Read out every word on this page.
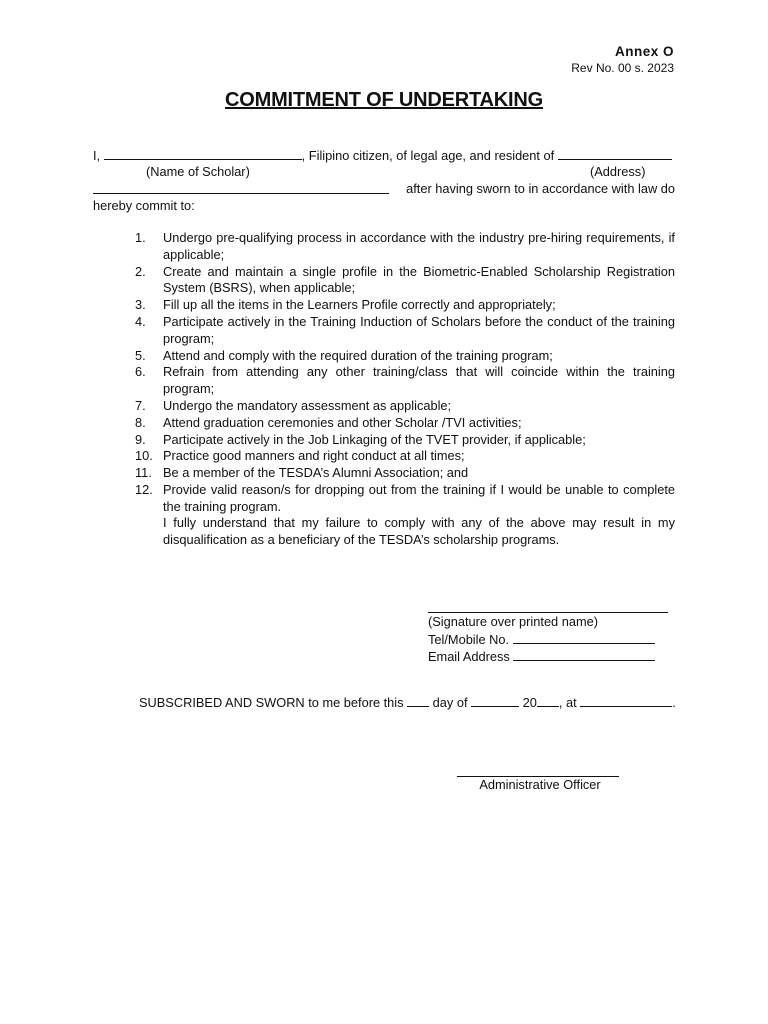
Annex O
Rev No. 00 s. 2023
COMMITMENT OF UNDERTAKING
I,	, Filipino citizen, of legal age, and resident of
(Name of Scholar)	(Address)
after having sworn to in accordance with law do
hereby commit to:
1. Undergo pre-qualifying process in accordance with the industry pre-hiring requirements, if applicable;
2. Create and maintain a single profile in the Biometric-Enabled Scholarship Registration System (BSRS), when applicable;
3. Fill up all the items in the Learners Profile correctly and appropriately;
4. Participate actively in the Training Induction of Scholars before the conduct of the training program;
5. Attend and comply with the required duration of the training program;
6. Refrain from attending any other training/class that will coincide within the training program;
7. Undergo the mandatory assessment as applicable;
8. Attend graduation ceremonies and other Scholar /TVI activities;
9. Participate actively in the Job Linkaging of the TVET provider, if applicable;
10. Practice good manners and right conduct at all times;
11. Be a member of the TESDA’s Alumni Association; and
12. Provide valid reason/s for dropping out from the training if I would be unable to complete the training program.
I fully understand that my failure to comply with any of the above may result in my disqualification as a beneficiary of the TESDA’s scholarship programs.
(Signature over printed name)
Tel/Mobile No.
Email Address
SUBSCRIBED AND SWORN to me before this  day of	20 , at	.
Administrative Officer
